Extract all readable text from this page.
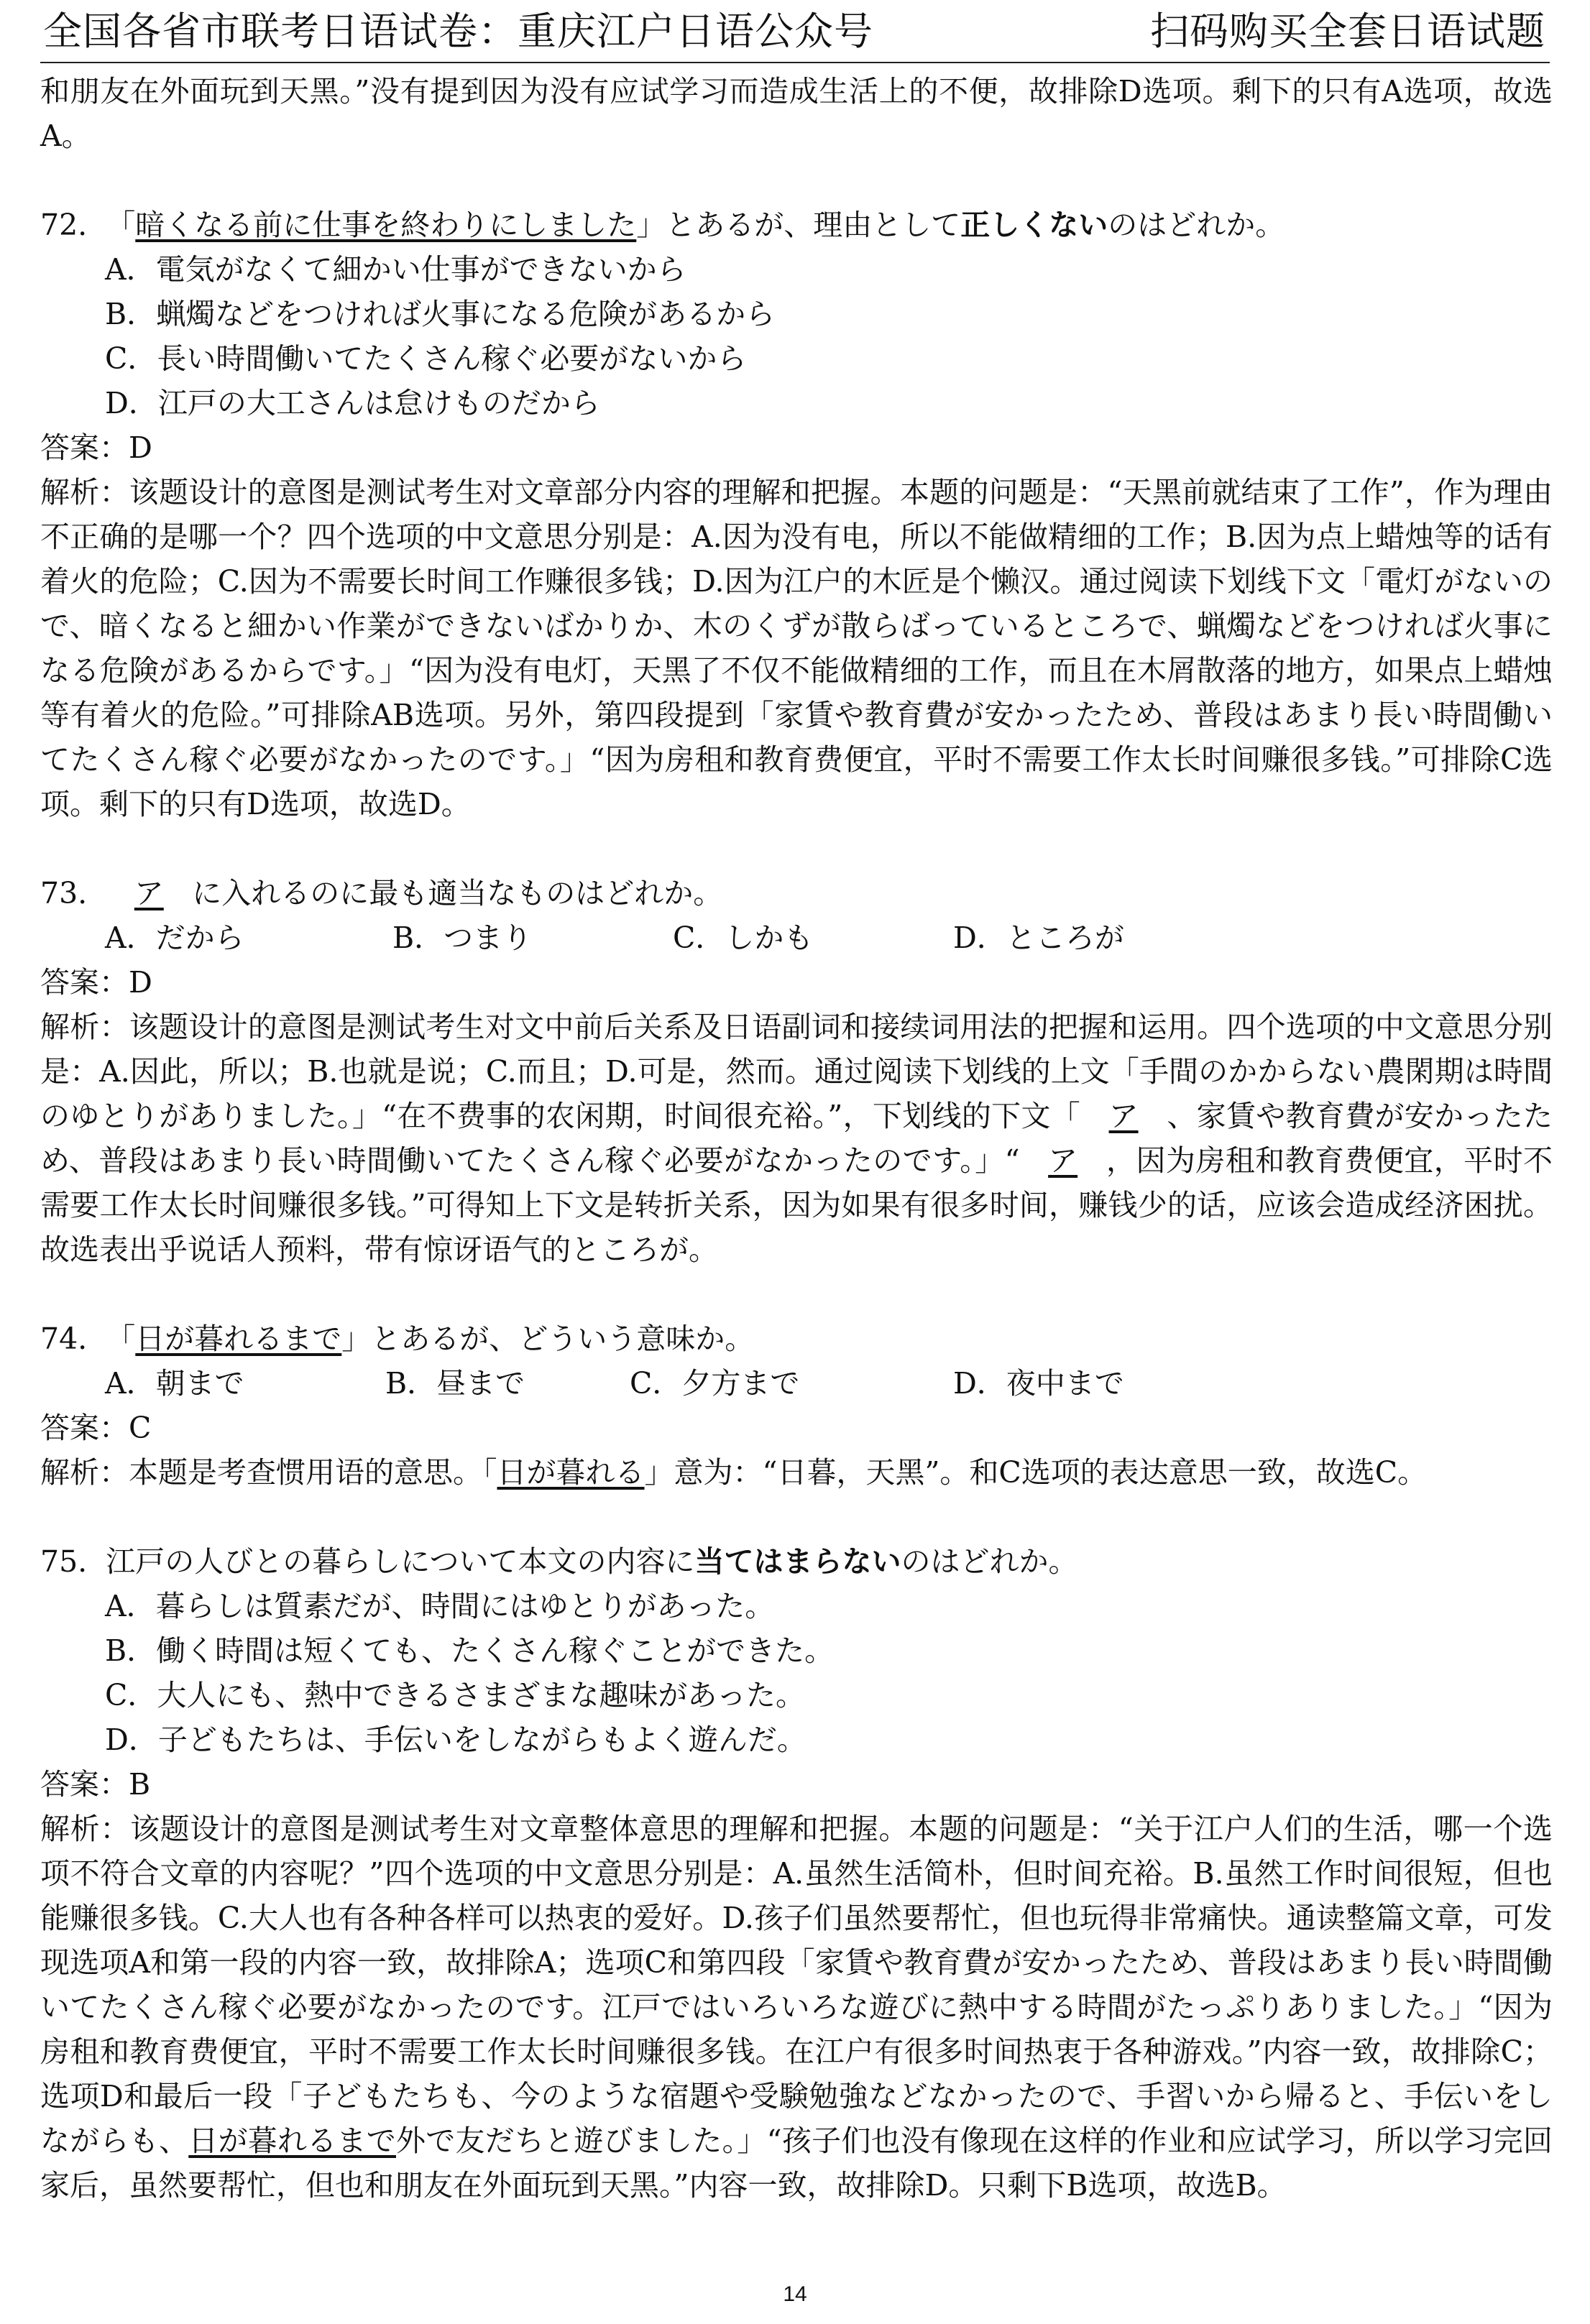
全国各省市联考日语试卷：重庆江户日语公众号	扫码购买全套日语试题

和朋友在外面玩到天黑。”没有提到因为没有应试学习而造成生活上的不便，故排除D选项。剩下的只有A选项，故选A。

72. 「暗くなる前に仕事を終わりにしました」とあるが、理由として正しくないのはどれか。

A．電気がなくて細かい仕事ができないから
B．蝋燭などをつければ火事になる危険があるから
C．長い時間働いてたくさん稼ぐ必要がないから
D．江戸の大工さんは怠けものだから

答案：D

解析：该题设计的意图是测试考生对文章部分内容的理解和把握。本题的问题是：“天黑前就结束了工作”，作为理由不正确的是哪一个？四个选项的中文意思分别是：A.因为没有电，所以不能做精细的工作；B.因为点上蜡烛等的话有着火的危险；C.因为不需要长时间工作赚很多钱；D.因为江户的木匠是个懒汉。通过阅读下划线下文「電灯がないので、暗くなると細かい作業ができないばかりか、木のくずが散らばっているところで、蝋燭などをつければ火事になる危険があるからです。」“因为没有电灯，天黑了不仅不能做精细的工作，而且在木屑散落的地方，如果点上蜡烛等有着火的危险。”可排除AB选项。另外，第四段提到「家賃や教育費が安かったため、普段はあまり長い時間働いてたくさん稼ぐ必要がなかったのです。」“因为房租和教育费便宜，平时不需要工作太长时间赚很多钱。”可排除C选项。剩下的只有D选项，故选D。

73. ア に入れるのに最も適当なものはどれか。

A．だから	B．つまり	C．しかも	D．ところが

答案：D

解析：该题设计的意图是测试考生对文中前后关系及日语副词和接续词用法的把握和运用。四个选项的中文意思分别是：A.因此，所以；B.也就是说；C.而且；D.可是，然而。通过阅读下划线的上文「手間のかからない農閑期は時間のゆとりがありました。」“在不费事的农闲期，时间很充裕。”，下划线的下文「 ア 、家賃や教育費が安かったため、普段はあまり長い時間働いてたくさん稼ぐ必要がなかったのです。」“ ア ，因为房租和教育费便宜，平时不需要工作太长时间赚很多钱。”可得知上下文是转折关系，因为如果有很多时间，赚钱少的话，应该会造成经济困扰。故选表出乎说话人预料，带有惊讶语气的ところが。

74. 「日が暮れるまで」とあるが、どういう意味か。

A．朝まで	B．昼まで	C．夕方まで	D．夜中まで

答案：C

解析：本题是考查惯用语的意思。「日が暮れる」意为：“日暮，天黑”。和C选项的表达意思一致，故选C。

75. 江戸の人びとの暮らしについて本文の内容に当てはまらないのはどれか。

A．暮らしは質素だが、時間にはゆとりがあった。
B．働く時間は短くても、たくさん稼ぐことができた。
C．大人にも、熱中できるさまざまな趣味があった。
D．子どもたちは、手伝いをしながらもよく遊んだ。

答案：B

解析：该题设计的意图是测试考生对文章整体意思的理解和把握。本题的问题是：“关于江户人们的生活，哪一个选项不符合文章的内容呢？”四个选项的中文意思分别是：A.虽然生活简朴，但时间充裕。B.虽然工作时间很短，但也能赚很多钱。C.大人也有各种各样可以热衷的爱好。D.孩子们虽然要帮忙，但也玩得非常痛快。通读整篇文章，可发现选项A和第一段的内容一致，故排除A；选项C和第四段「家賃や教育費が安かったため、普段はあまり長い時間働いてたくさん稼ぐ必要がなかったのです。江戸ではいろいろな遊びに熱中する時間がたっぷりありました。」“因为房租和教育费便宜，平时不需要工作太长时间赚很多钱。在江户有很多时间热衷于各种游戏。”内容一致，故排除C；选项D和最后一段「子どもたちも、今のような宿題や受験勉強などなかったので、手習いから帰ると、手伝いをしながらも、日が暮れるまで外で友だちと遊びました。」“孩子们也没有像现在这样的作业和应试学习，所以学习完回家后，虽然要帮忙，但也和朋友在外面玩到天黑。”内容一致，故排除D。只剩下B选项，故选B。

14
